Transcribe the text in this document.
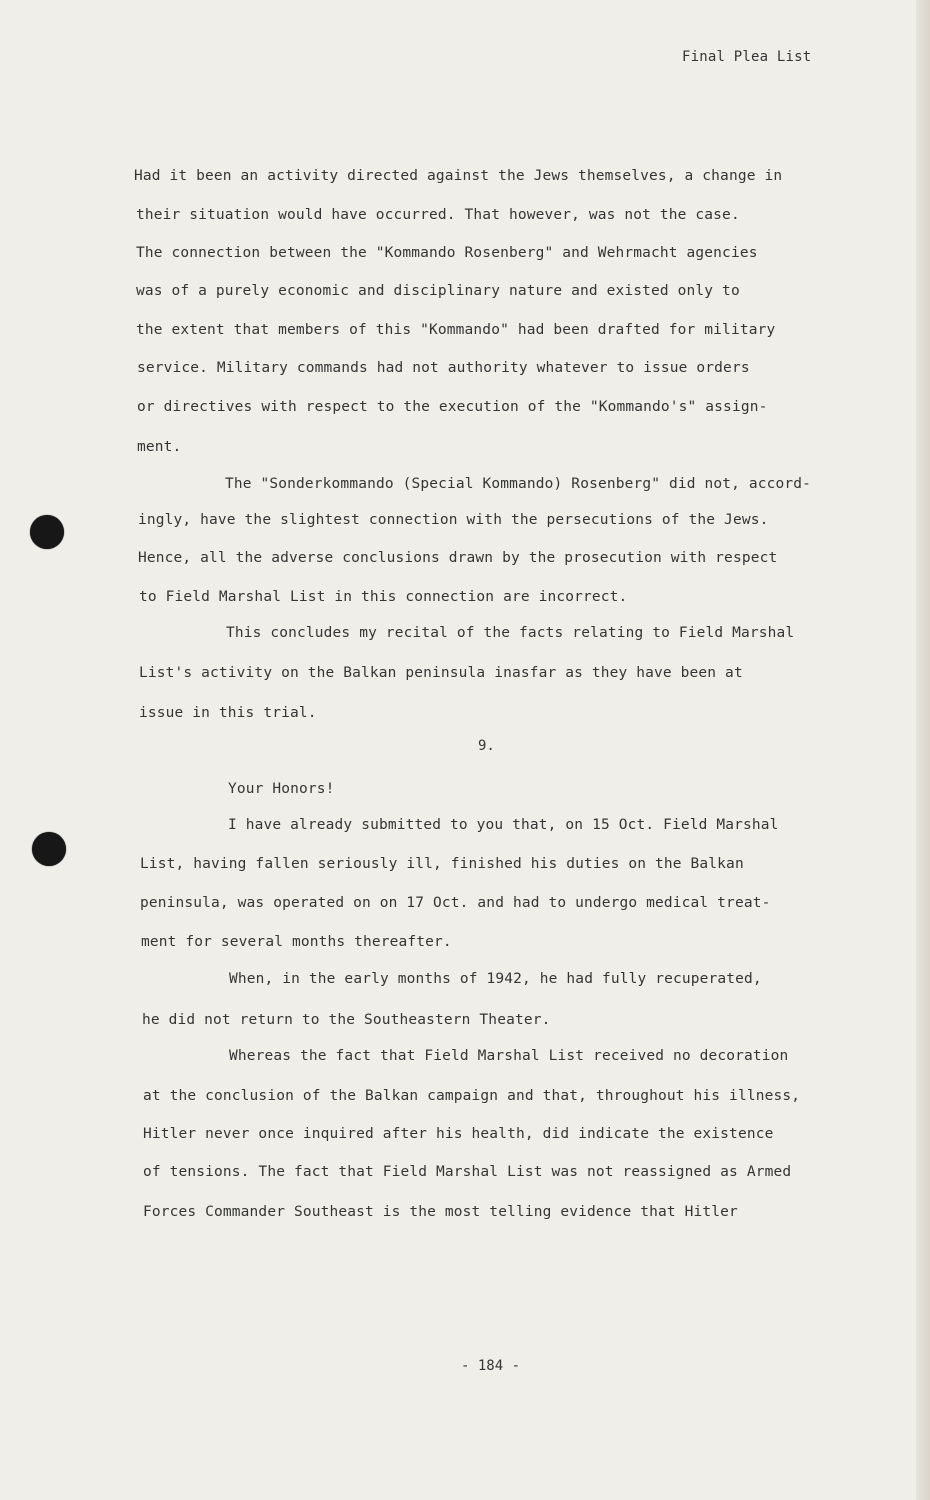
Final Plea List
Had it been an activity directed against the Jews themselves, a change in
their situation would have occurred. That however, was not the case.
The connection between the "Kommando Rosenberg" and Wehrmacht agencies
was of a purely economic and disciplinary nature and existed only to
the extent that members of this "Kommando" had been drafted for military
service. Military commands had not authority whatever to issue orders
or directives with respect to the execution of the "Kommando's" assign-
ment.
The "Sonderkommando (Special Kommando) Rosenberg" did not, accord-
ingly, have the slightest connection with the persecutions of the Jews.
Hence, all the adverse conclusions drawn by the prosecution with respect
to Field Marshal List in this connection are incorrect.
This concludes my recital of the facts relating to Field Marshal
List's activity on the Balkan peninsula inasfar as they have been at
issue in this trial.
9.
Your Honors!
I have already submitted to you that, on 15 Oct. Field Marshal
List, having fallen seriously ill, finished his duties on the Balkan
peninsula, was operated on on 17 Oct. and had to undergo medical treat-
ment for several months thereafter.
When, in the early months of 1942, he had fully recuperated,
he did not return to the Southeastern Theater.
Whereas the fact that Field Marshal List received no decoration
at the conclusion of the Balkan campaign and that, throughout his illness,
Hitler never once inquired after his health, did indicate the existence
of tensions. The fact that Field Marshal List was not reassigned as Armed
Forces Commander Southeast is the most telling evidence that Hitler
- 184 -
